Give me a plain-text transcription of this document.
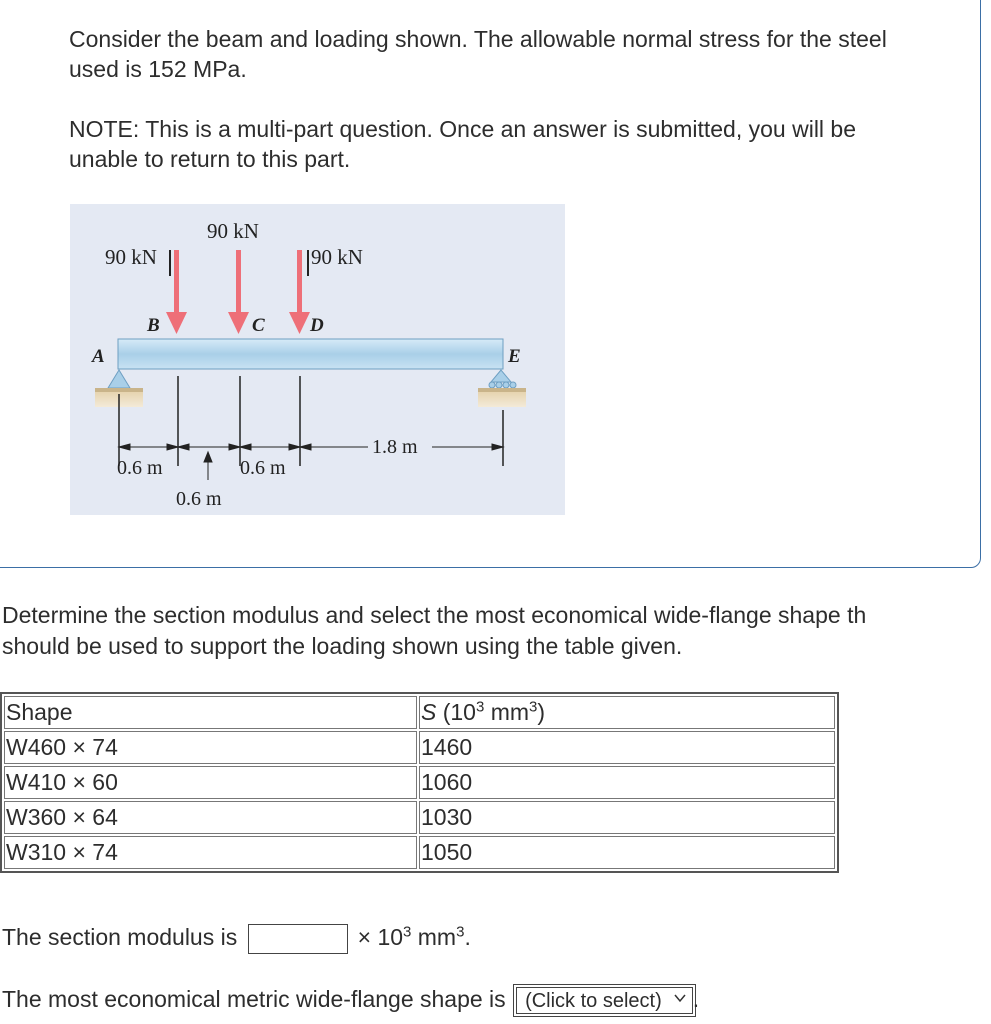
Consider the beam and loading shown. The allowable normal stress for the steel used is 152 MPa.

NOTE: This is a multi-part question. Once an answer is submitted, you will be unable to return to this part.

90 kN
90 kN
90 kN
A
B	C D
E
0.6 m
0.6 m
0.6 m
1.8 m

Determine the section modulus and select the most economical wide-flange shape th
should be used to support the loading shown using the table given.

Shape	S ($10^3$ $mm^3$)
W460 × 74	1460
W410 × 60	1060
W360 × 64	1030
W310 × 74	1050
The section modulus is	× $10^3$ $mm^3$.
The most economical metric wide-flange shape is (Click to select) .
